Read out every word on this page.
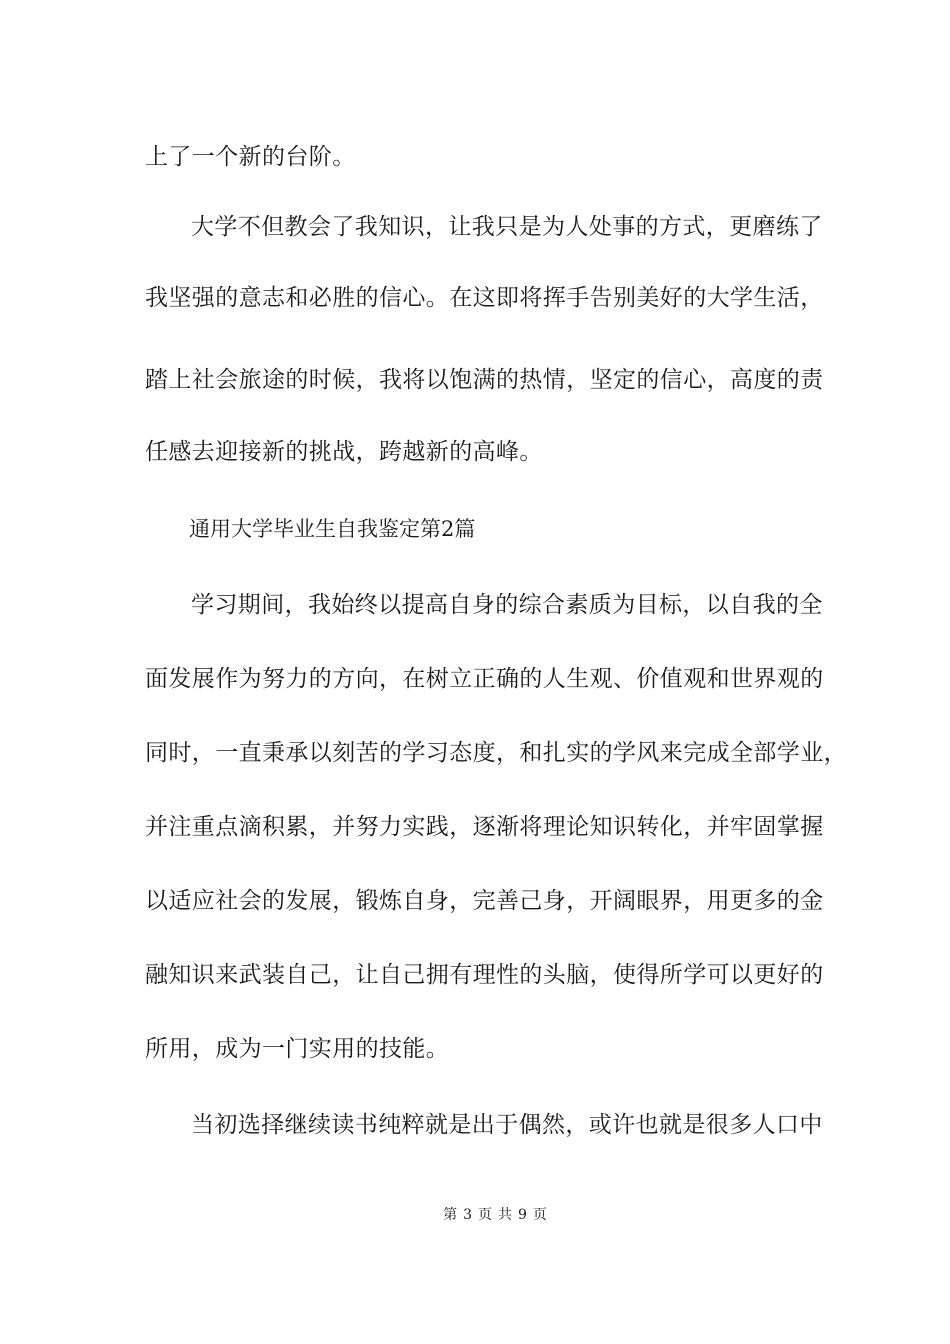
上了一个新的台阶。
大学不但教会了我知识，让我只是为人处事的方式，更磨练了
我坚强的意志和必胜的信心。在这即将挥手告别美好的大学生活，
踏上社会旅途的时候，我将以饱满的热情，坚定的信心，高度的责
任感去迎接新的挑战，跨越新的高峰。
通用大学毕业生自我鉴定第2篇
学习期间，我始终以提高自身的综合素质为目标，以自我的全
面发展作为努力的方向，在树立正确的人生观、价值观和世界观的
同时，一直秉承以刻苦的学习态度，和扎实的学风来完成全部学业，
并注重点滴积累，并努力实践，逐渐将理论知识转化，并牢固掌握
以适应社会的发展，锻炼自身，完善己身，开阔眼界，用更多的金
融知识来武装自己，让自己拥有理性的头脑，使得所学可以更好的
所用，成为一门实用的技能。
当初选择继续读书纯粹就是出于偶然，或许也就是很多人口中
第 3 页 共 9 页
